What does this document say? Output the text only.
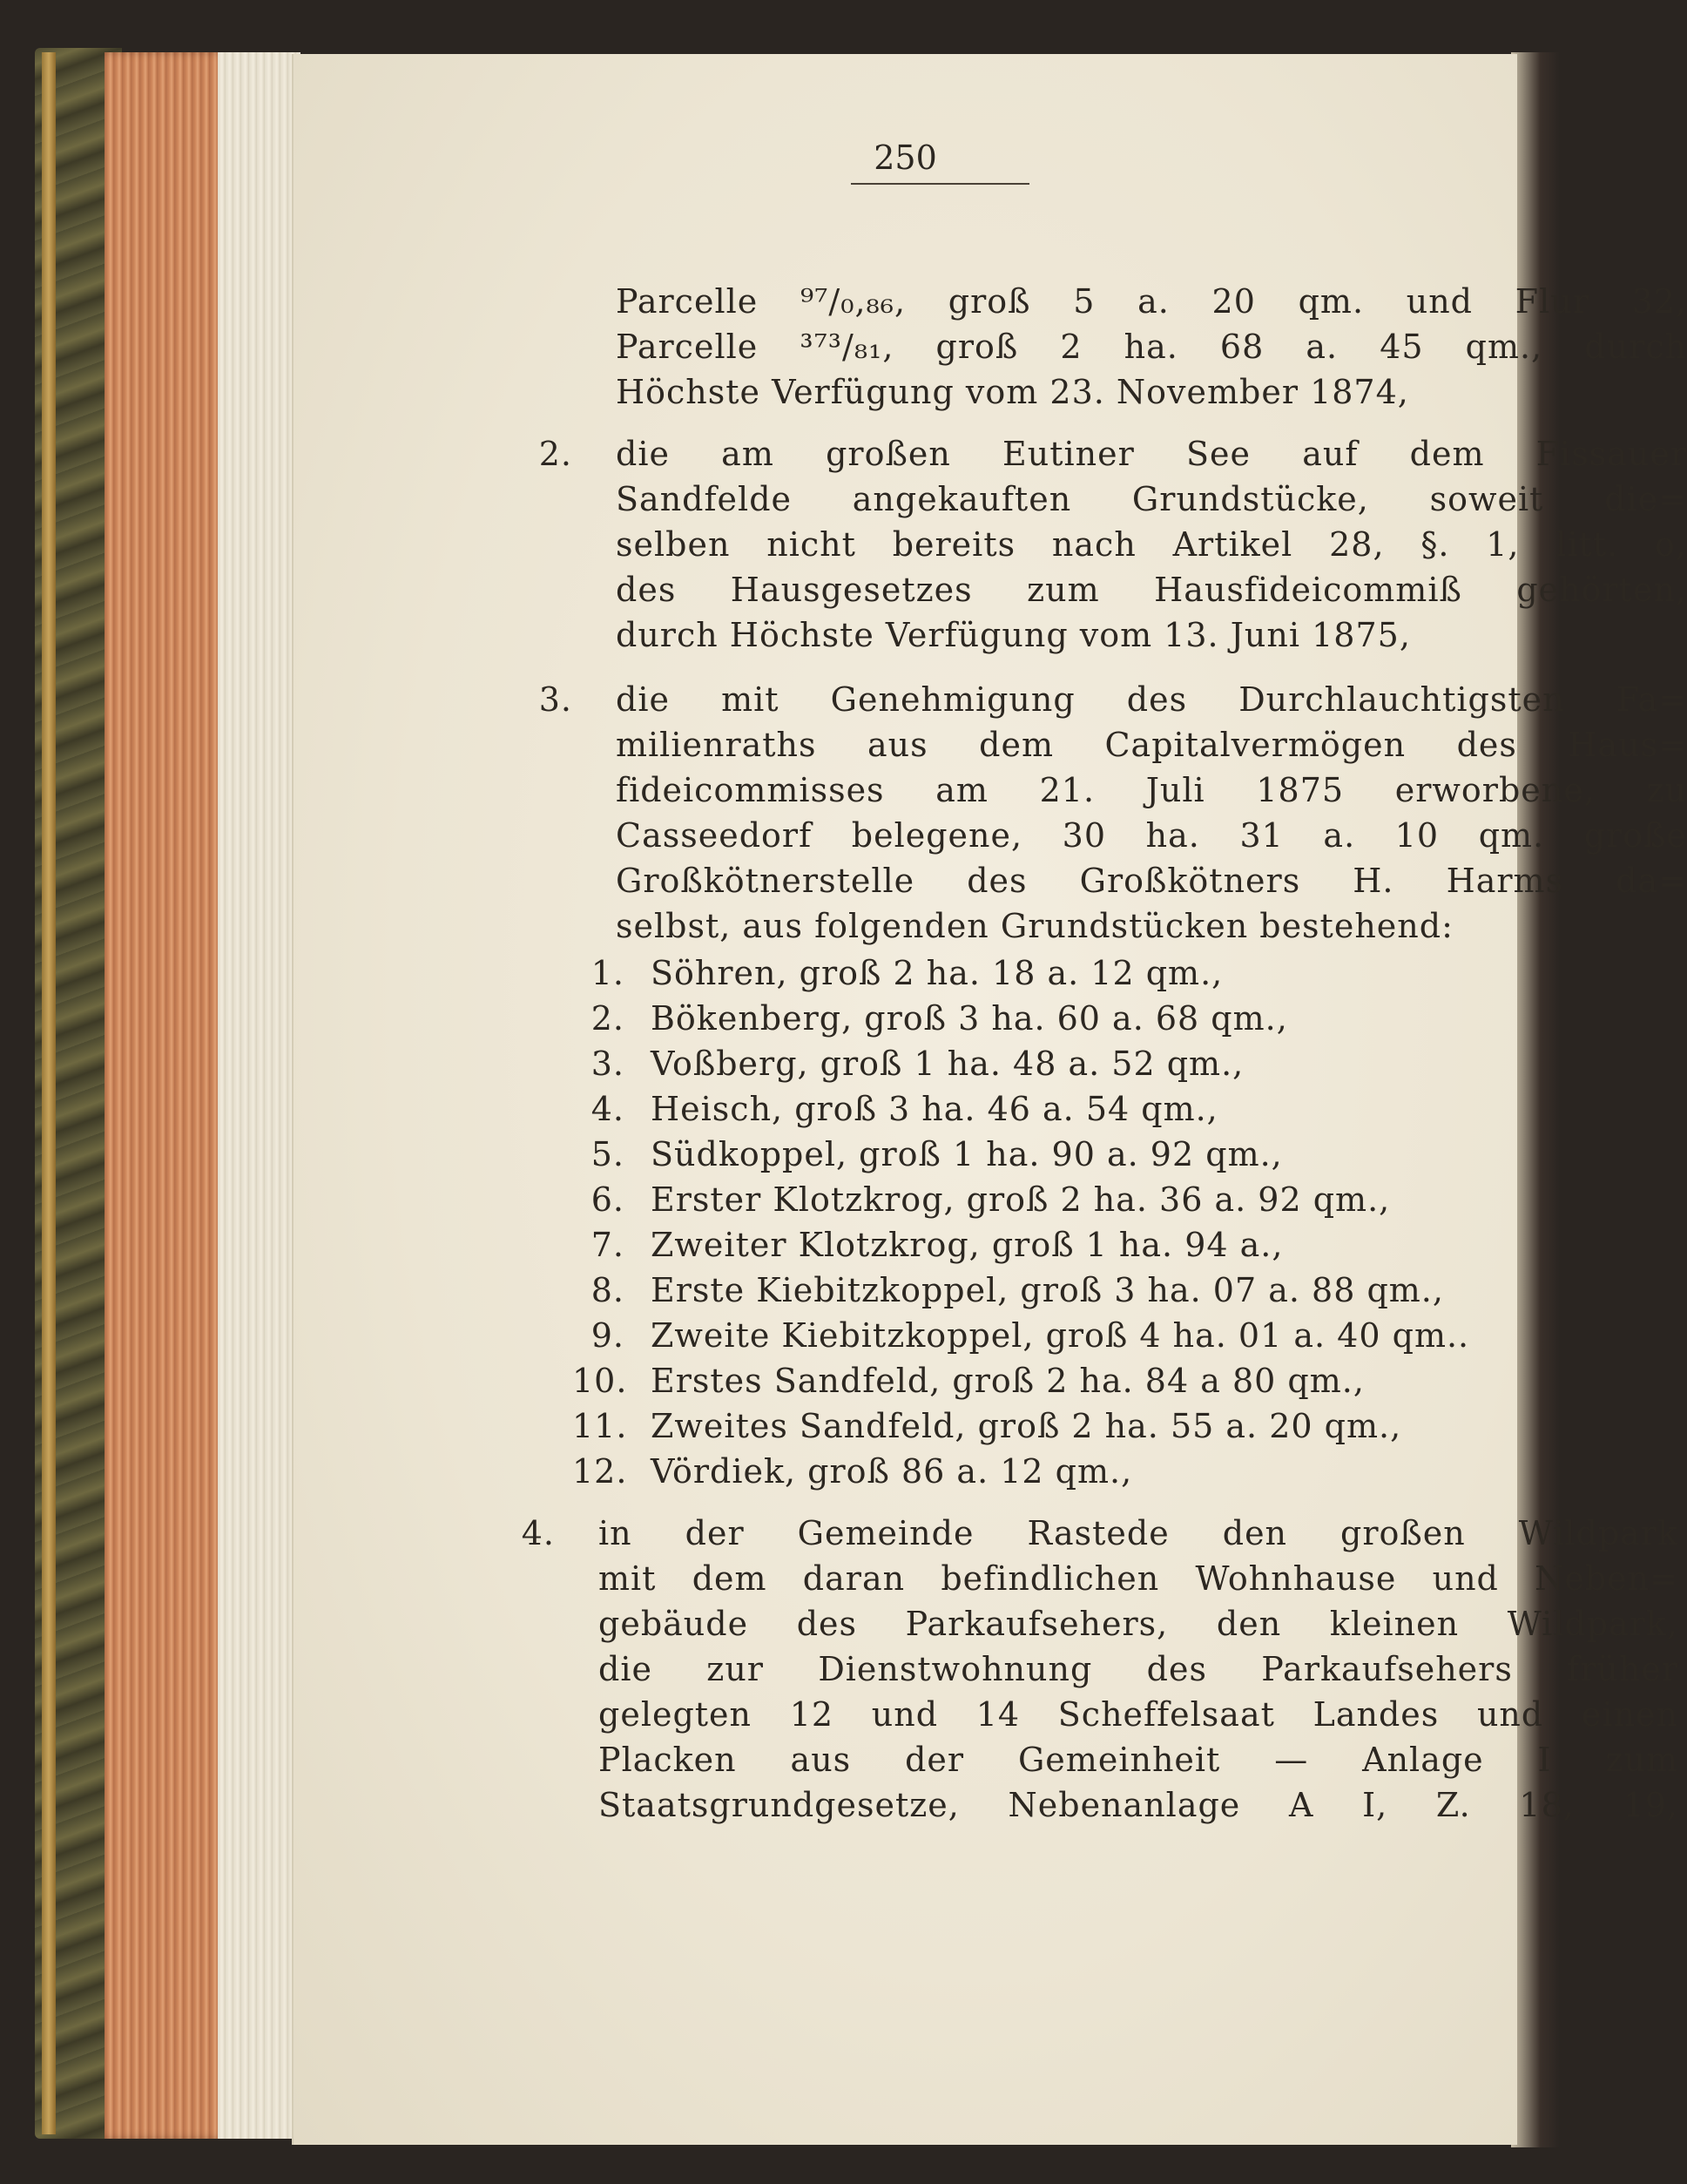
250
Parcelle ⁹⁷/₀,₈₆, groß 5 a. 20 qm. und Flur 32,
Parcelle ³⁷³/₈₁, groß 2 ha. 68 a. 45 qm., durch
Höchste Verfügung vom 23. November 1874,
2. die am großen Eutiner See auf dem Fissauer
Sandfelde angekauften Grundstücke, soweit die=
selben nicht bereits nach Artikel 28, §. 1, litt. o,
des Hausgesetzes zum Hausfideicommiß gehörten,
durch Höchste Verfügung vom 13. Juni 1875,
3. die mit Genehmigung des Durchlauchtigsten Fa=
milienraths aus dem Capitalvermögen des Haus=
fideicommisses am 21. Juli 1875 erworbene, zu
Casseedorf belegene, 30 ha. 31 a. 10 qm. große
Großkötnerstelle des Großkötners H. Harms da=
selbst, aus folgenden Grundstücken bestehend:
1. Söhren, groß 2 ha. 18 a. 12 qm.,
2. Bökenberg, groß 3 ha. 60 a. 68 qm.,
3. Voßberg, groß 1 ha. 48 a. 52 qm.,
4. Heisch, groß 3 ha. 46 a. 54 qm.,
5. Südkoppel, groß 1 ha. 90 a. 92 qm.,
6. Erster Klotzkrog, groß 2 ha. 36 a. 92 qm.,
7. Zweiter Klotzkrog, groß 1 ha. 94 a.,
8. Erste Kiebitzkoppel, groß 3 ha. 07 a. 88 qm.,
9. Zweite Kiebitzkoppel, groß 4 ha. 01 a. 40 qm..
10. Erstes Sandfeld, groß 2 ha. 84 a 80 qm.,
11. Zweites Sandfeld, groß 2 ha. 55 a. 20 qm.,
12. Vördiek, groß 86 a. 12 qm.,
4. in der Gemeinde Rastede den großen Wildpark
mit dem daran befindlichen Wohnhause und Neben=
gebäude des Parkaufsehers, den kleinen Wildpark,
die zur Dienstwohnung des Parkaufsehers früher
gelegten 12 und 14 Scheffelsaat Landes und einen
Placken aus der Gemeinheit — Anlage I zum
Staatsgrundgesetze, Nebenanlage A I, Z. 18, 19,
